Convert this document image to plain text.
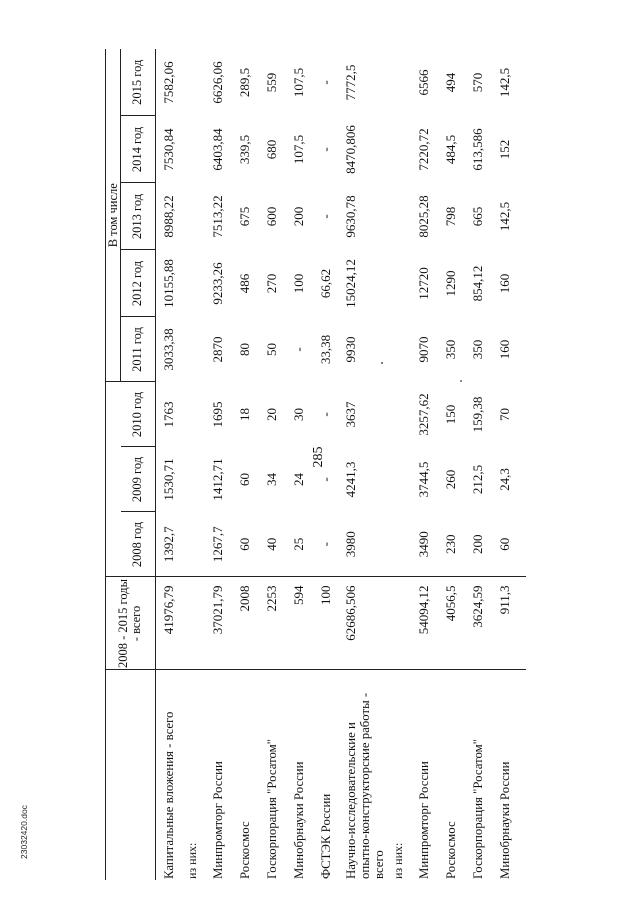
285
	2008 - 2015 годы - всего				В том числе				
		2008 год	2009 год	2010 год	2011 год	2012 год	2013 год	2014 год	2015 год
Капитальные вложения - всего	41976,79	1392,7	1530,71	1763	3033,38	10155,88	8988,22	7530,84	7582,06
из них:									
Минпромторг России	37021,79	1267,7	1412,71	1695	2870	9233,26	7513,22	6403,84	6626,06
Роскосмос	2008	60	60	18	80	486	675	339,5	289,5
Госкорпорация "Росатом"	2253	40	34	20	50	270	600	680	559
Минобрнауки России	594	25	24	30	-	100	200	107,5	107,5
ФСТЭК России	100	-	-	-	33,38	66,62	-	-	-
Научно-исследовательские и опытно-конструкторские работы - всего	62686,506	3980	4241,3	3637	9930	15024,12	9630,78	8470,806	7772,5
из них:									
Минпромторг России	54094,12	3490	3744,5	3257,62	9070	12720	8025,28	7220,72	6566
Роскосмос	4056,5	230	260	150	350	1290	798	484,5	494
Госкорпорация "Росатом"	3624,59	200	212,5	159,38	350	854,12	665	613,586	570
Минобрнауки России	911,3	60	24,3	70	160	160	142,5	152	142,5
23032420.doc
